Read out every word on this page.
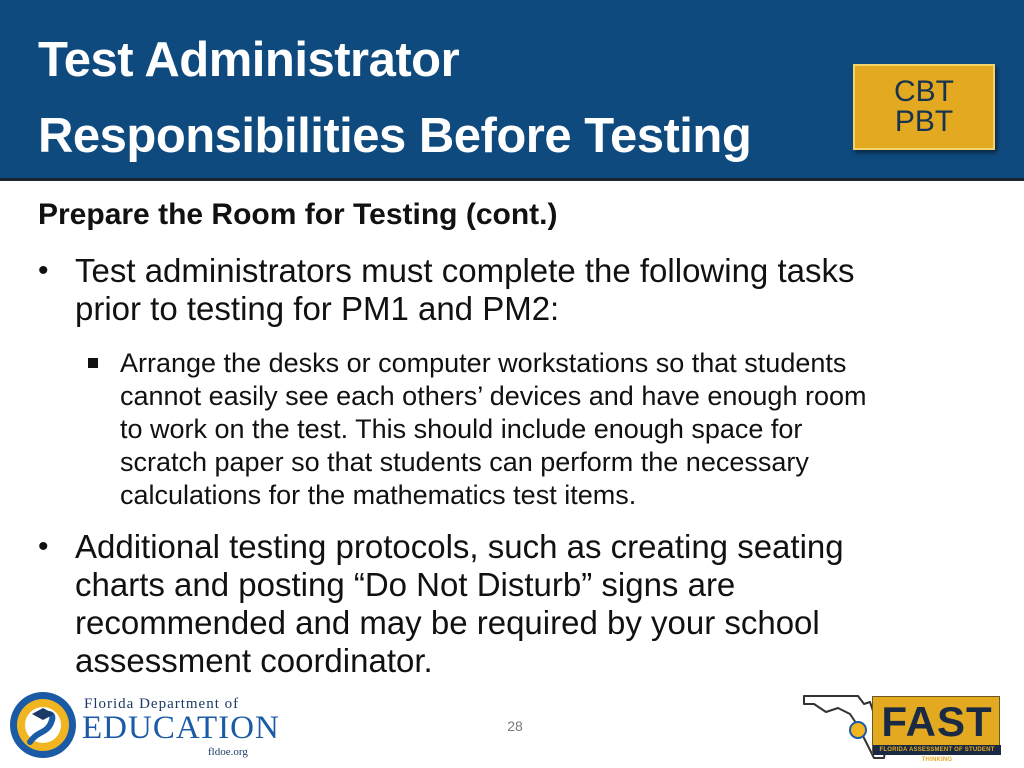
Test Administrator
Responsibilities Before Testing
CBT
PBT
Prepare the Room for Testing (cont.)
• Test administrators must complete the following tasks
prior to testing for PM1 and PM2:
Arrange the desks or computer workstations so that students
cannot easily see each others’ devices and have enough room
to work on the test. This should include enough space for
scratch paper so that students can perform the necessary
calculations for the mathematics test items.
• Additional testing protocols, such as creating seating
charts and posting “Do Not Disturb” signs are
recommended and may be required by your school
assessment coordinator.
Florida Department of
EDUCATION
fldoe.org
28	FAST
FLORIDA ASSESSMENT OF STUDENT THINKING
